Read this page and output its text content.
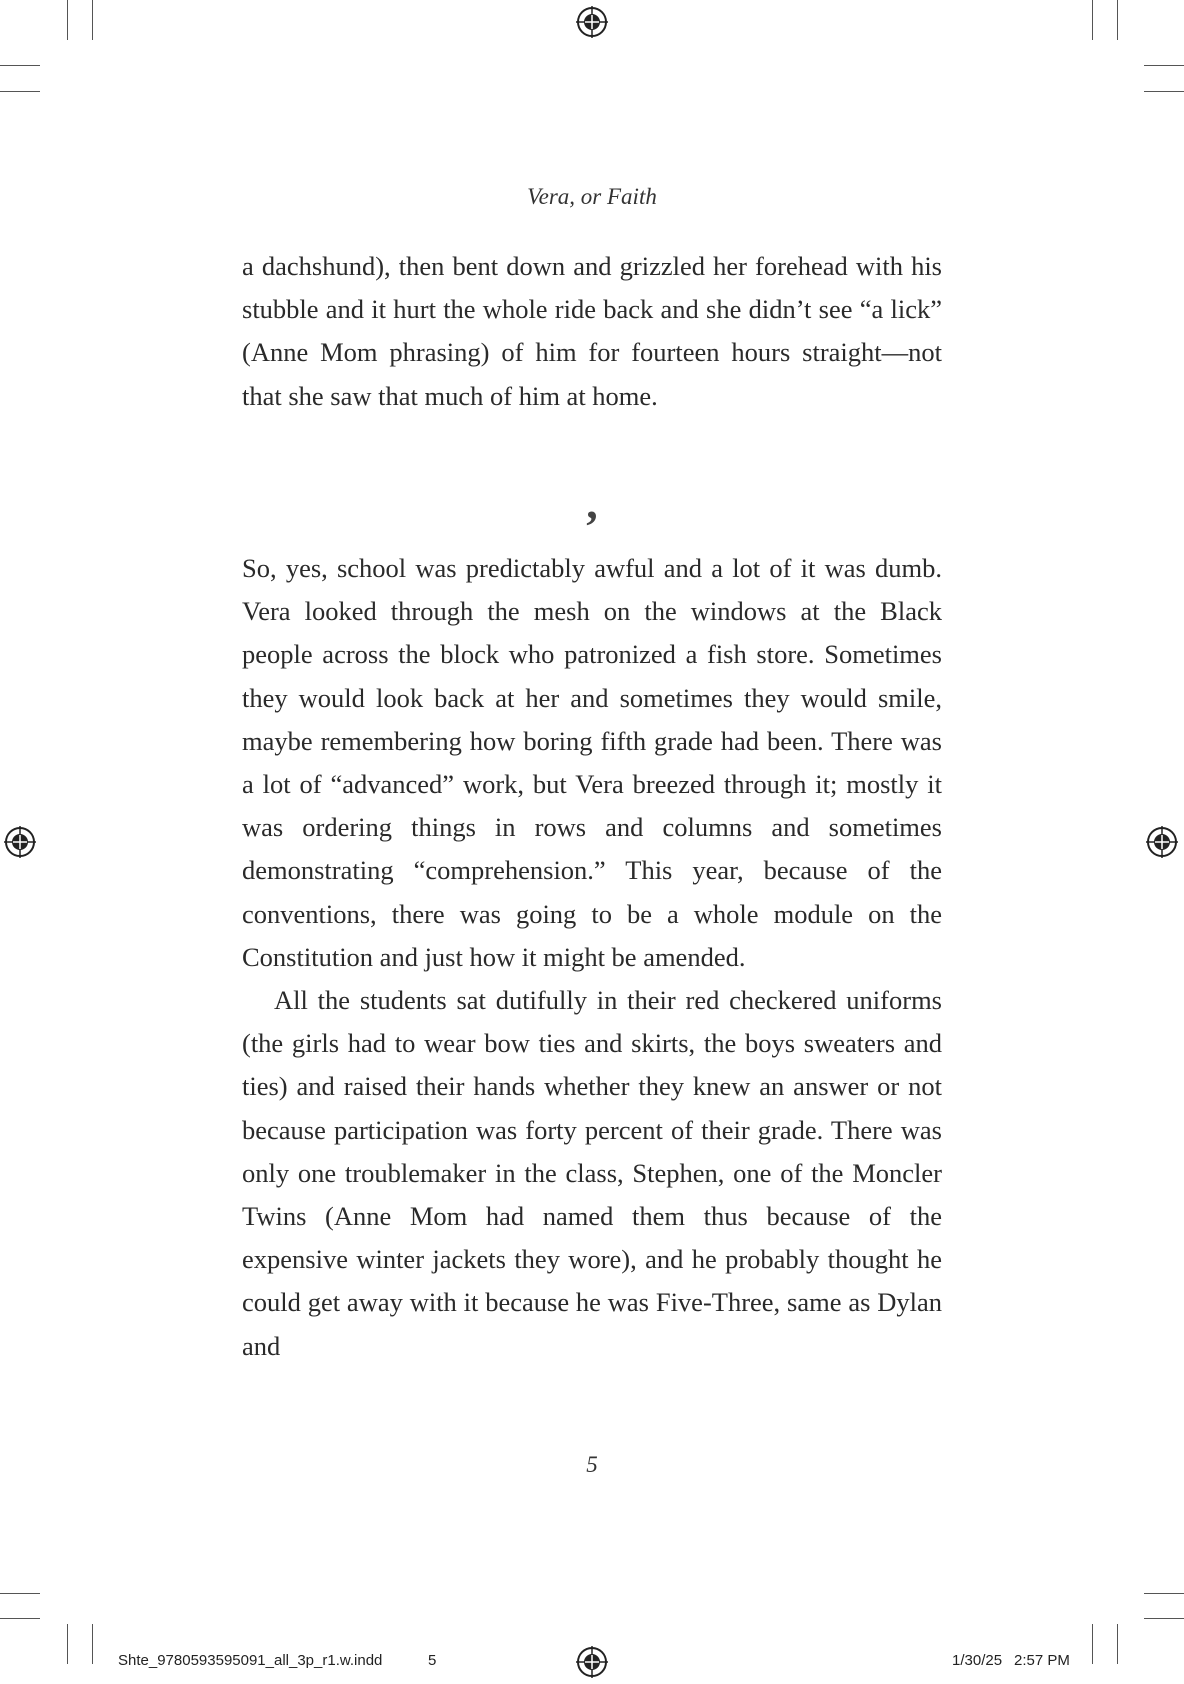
Vera, or Faith

a dachshund), then bent down and grizzled her forehead with his stubble and it hurt the whole ride back and she didn’t see “a lick” (Anne Mom phrasing) of him for fourteen hours straight—not that she saw that much of him at home.

,

So, yes, school was predictably awful and a lot of it was dumb. Vera looked through the mesh on the windows at the Black people across the block who patronized a fish store. Sometimes they would look back at her and sometimes they would smile, maybe remembering how boring fifth grade had been. There was a lot of “advanced” work, but Vera breezed through it; mostly it was ordering things in rows and columns and sometimes demonstrating “comprehension.” This year, because of the conventions, there was going to be a whole module on the Constitution and just how it might be amended.

All the students sat dutifully in their red checkered uniforms (the girls had to wear bow ties and skirts, the boys sweaters and ties) and raised their hands whether they knew an answer or not because participation was forty percent of their grade. There was only one troublemaker in the class, Stephen, one of the Moncler Twins (Anne Mom had named them thus because of the expensive winter jackets they wore), and he probably thought he could get away with it because he was Five-Three, same as Dylan and

5
Shte_9780593595091_all_3p_r1.w.indd	5	1/30/25 2:57 PM
